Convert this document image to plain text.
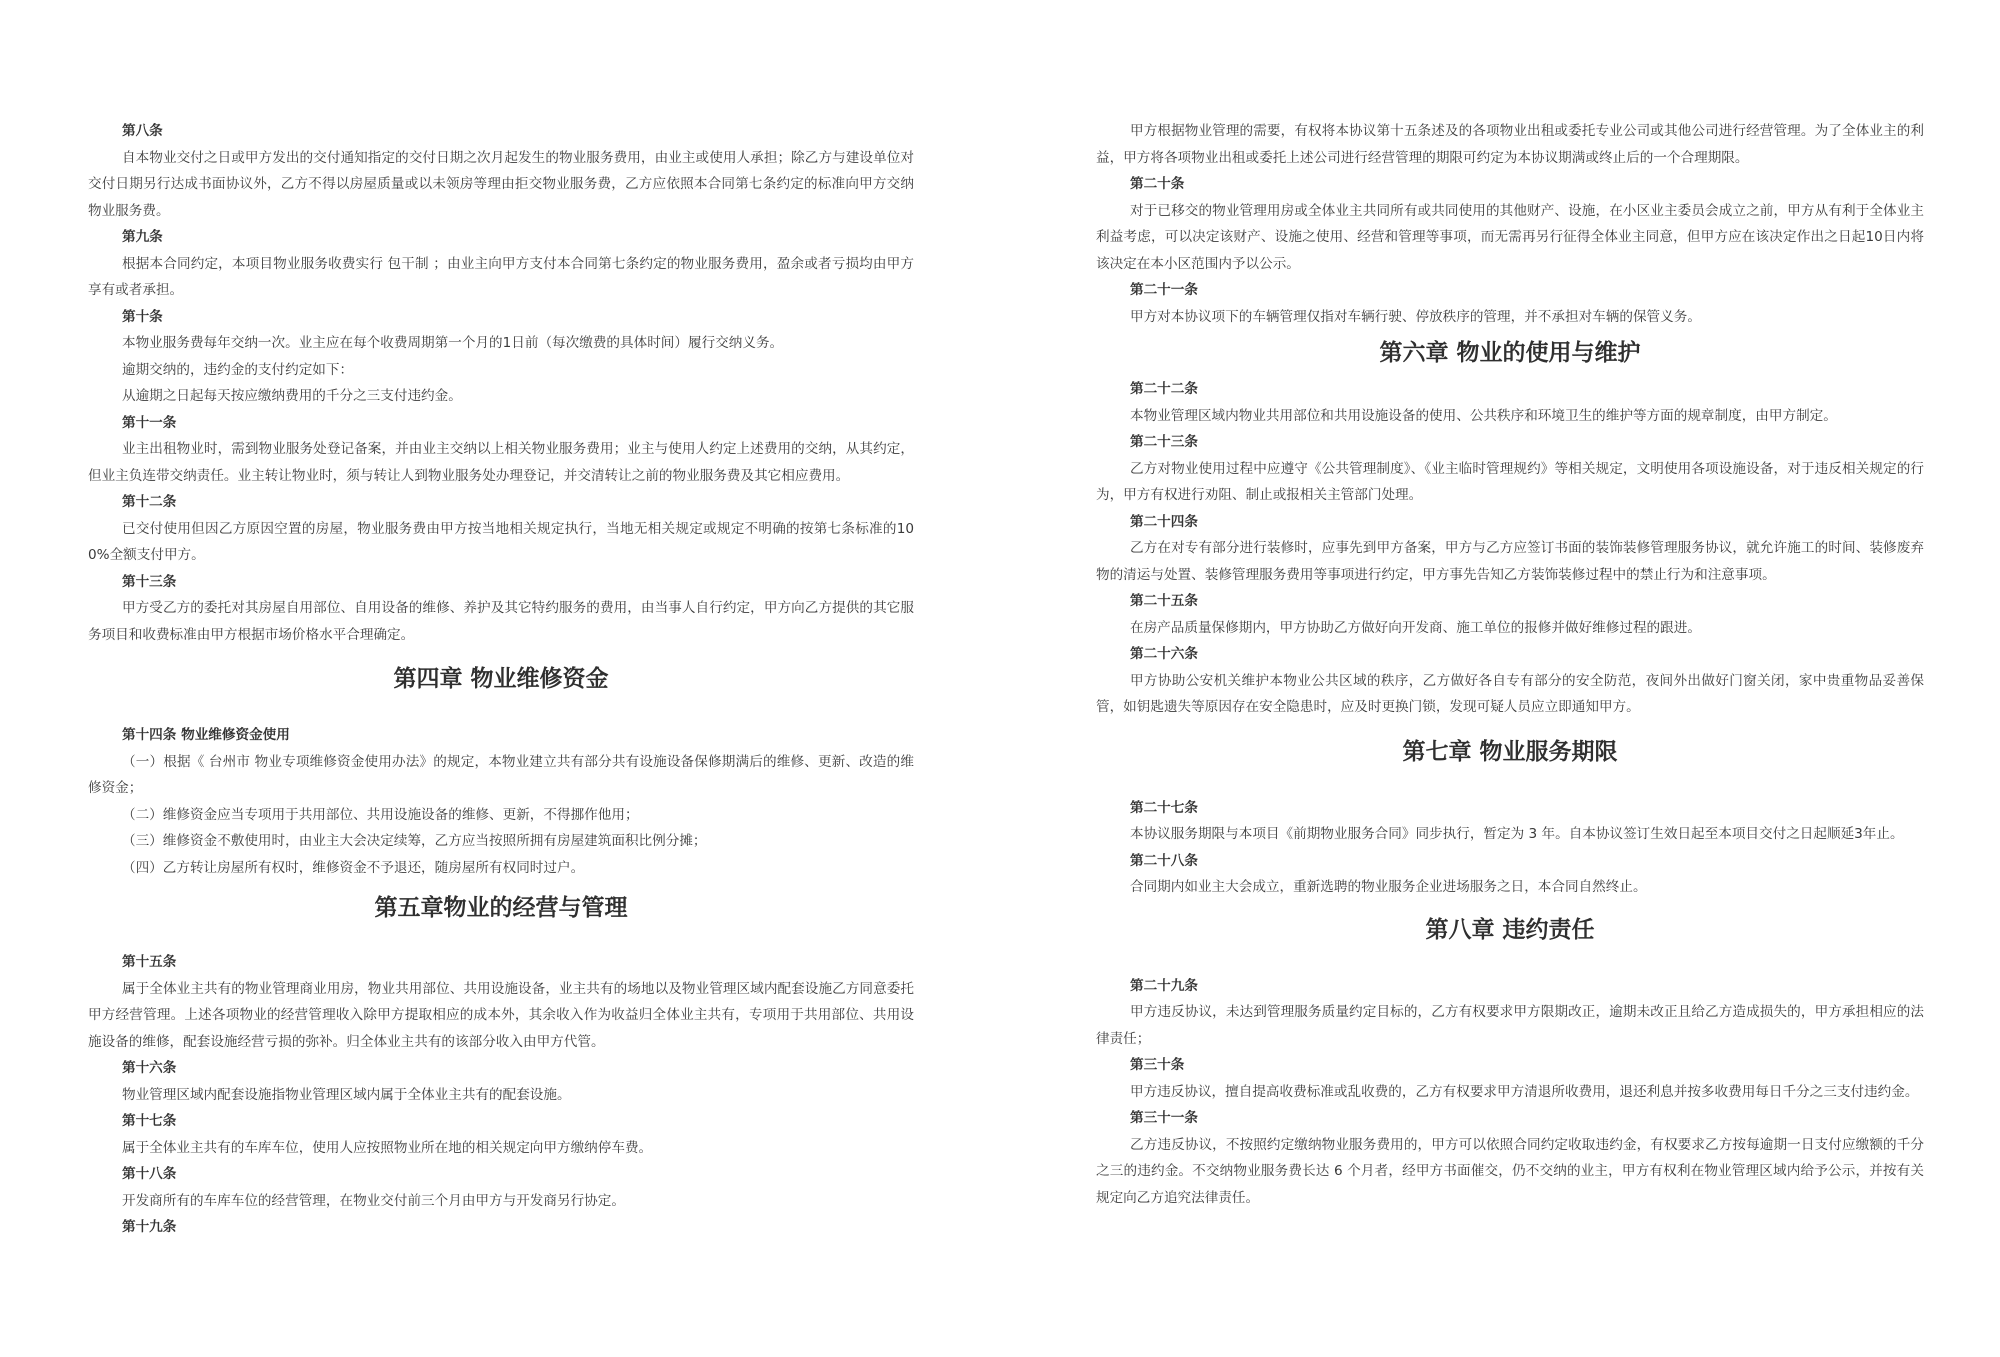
第八条
自本物业交付之日或甲方发出的交付通知指定的交付日期之次月起发生的物业服务费用，由业主或使用人承担；除乙方与建设单位对交付日期另行达成书面协议外，乙方不得以房屋质量或以未领房等理由拒交物业服务费，乙方应依照本合同第七条约定的标准向甲方交纳物业服务费。
第九条
根据本合同约定，本项目物业服务收费实行 包干制 ；由业主向甲方支付本合同第七条约定的物业服务费用，盈余或者亏损均由甲方享有或者承担。
第十条
本物业服务费每年交纳一次。业主应在每个收费周期第一个月的1日前（每次缴费的具体时间）履行交纳义务。
逾期交纳的，违约金的支付约定如下：
从逾期之日起每天按应缴纳费用的千分之三支付违约金。
第十一条
业主出租物业时，需到物业服务处登记备案，并由业主交纳以上相关物业服务费用；业主与使用人约定上述费用的交纳，从其约定，但业主负连带交纳责任。业主转让物业时，须与转让人到物业服务处办理登记，并交清转让之前的物业服务费及其它相应费用。
第十二条
已交付使用但因乙方原因空置的房屋，物业服务费由甲方按当地相关规定执行，当地无相关规定或规定不明确的按第七条标准的100%全额支付甲方。
第十三条
甲方受乙方的委托对其房屋自用部位、自用设备的维修、养护及其它特约服务的费用，由当事人自行约定，甲方向乙方提供的其它服务项目和收费标准由甲方根据市场价格水平合理确定。
第四章 物业维修资金
第十四条 物业维修资金使用
（一）根据《 台州市 物业专项维修资金使用办法》的规定，本物业建立共有部分共有设施设备保修期满后的维修、更新、改造的维修资金；
（二）维修资金应当专项用于共用部位、共用设施设备的维修、更新，不得挪作他用；
（三）维修资金不敷使用时，由业主大会决定续筹，乙方应当按照所拥有房屋建筑面积比例分摊；
（四）乙方转让房屋所有权时，维修资金不予退还，随房屋所有权同时过户。
第五章物业的经营与管理
第十五条
属于全体业主共有的物业管理商业用房，物业共用部位、共用设施设备，业主共有的场地以及物业管理区域内配套设施乙方同意委托甲方经营管理。上述各项物业的经营管理收入除甲方提取相应的成本外，其余收入作为收益归全体业主共有，专项用于共用部位、共用设施设备的维修，配套设施经营亏损的弥补。归全体业主共有的该部分收入由甲方代管。
第十六条
物业管理区域内配套设施指物业管理区域内属于全体业主共有的配套设施。
第十七条
属于全体业主共有的车库车位，使用人应按照物业所在地的相关规定向甲方缴纳停车费。
第十八条
开发商所有的车库车位的经营管理，在物业交付前三个月由甲方与开发商另行协定。
第十九条
甲方根据物业管理的需要，有权将本协议第十五条述及的各项物业出租或委托专业公司或其他公司进行经营管理。为了全体业主的利益，甲方将各项物业出租或委托上述公司进行经营管理的期限可约定为本协议期满或终止后的一个合理期限。
第二十条
对于已移交的物业管理用房或全体业主共同所有或共同使用的其他财产、设施，在小区业主委员会成立之前，甲方从有利于全体业主利益考虑，可以决定该财产、设施之使用、经营和管理等事项，而无需再另行征得全体业主同意，但甲方应在该决定作出之日起10日内将该决定在本小区范围内予以公示。
第二十一条
甲方对本协议项下的车辆管理仅指对车辆行驶、停放秩序的管理，并不承担对车辆的保管义务。
第六章 物业的使用与维护
第二十二条
本物业管理区域内物业共用部位和共用设施设备的使用、公共秩序和环境卫生的维护等方面的规章制度，由甲方制定。
第二十三条
乙方对物业使用过程中应遵守《公共管理制度》、《业主临时管理规约》等相关规定，文明使用各项设施设备，对于违反相关规定的行为，甲方有权进行劝阻、制止或报相关主管部门处理。
第二十四条
乙方在对专有部分进行装修时，应事先到甲方备案，甲方与乙方应签订书面的装饰装修管理服务协议，就允许施工的时间、装修废弃物的清运与处置、装修管理服务费用等事项进行约定，甲方事先告知乙方装饰装修过程中的禁止行为和注意事项。
第二十五条
在房产品质量保修期内，甲方协助乙方做好向开发商、施工单位的报修并做好维修过程的跟进。
第二十六条
甲方协助公安机关维护本物业公共区域的秩序，乙方做好各自专有部分的安全防范，夜间外出做好门窗关闭，家中贵重物品妥善保管，如钥匙遗失等原因存在安全隐患时，应及时更换门锁，发现可疑人员应立即通知甲方。
第七章 物业服务期限
第二十七条
本协议服务期限与本项目《前期物业服务合同》同步执行，暂定为 3 年。自本协议签订生效日起至本项目交付之日起顺延3年止。
第二十八条
合同期内如业主大会成立，重新选聘的物业服务企业进场服务之日，本合同自然终止。
第八章 违约责任
第二十九条
甲方违反协议，未达到管理服务质量约定目标的，乙方有权要求甲方限期改正，逾期未改正且给乙方造成损失的，甲方承担相应的法律责任；
第三十条
甲方违反协议，擅自提高收费标准或乱收费的，乙方有权要求甲方清退所收费用，退还利息并按多收费用每日千分之三支付违约金。
第三十一条
乙方违反协议，不按照约定缴纳物业服务费用的，甲方可以依照合同约定收取违约金，有权要求乙方按每逾期一日支付应缴额的千分之三的违约金。不交纳物业服务费长达 6 个月者，经甲方书面催交，仍不交纳的业主，甲方有权利在物业管理区域内给予公示，并按有关规定向乙方追究法律责任。
